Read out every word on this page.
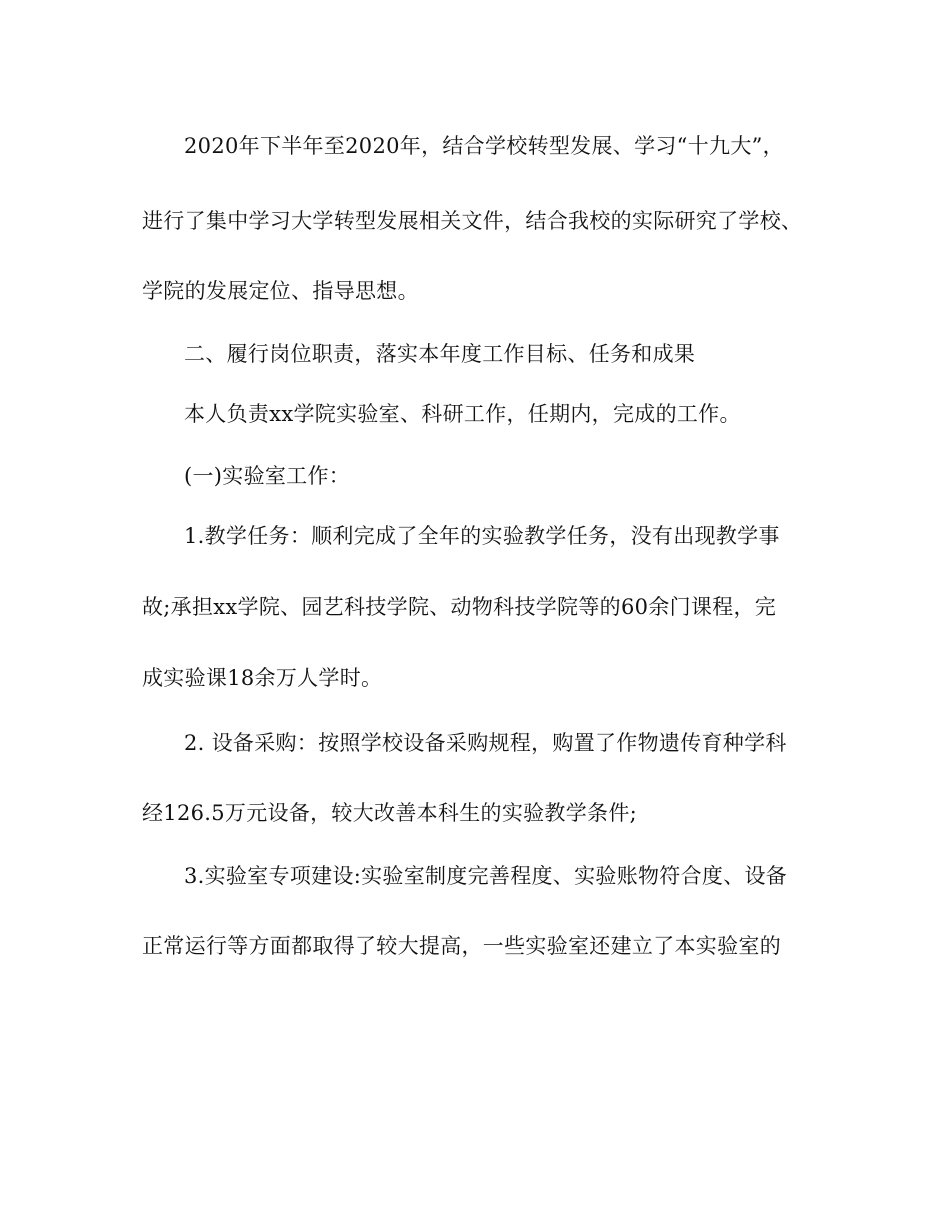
2020年下半年至2020年，结合学校转型发展、学习“十九大”，
进行了集中学习大学转型发展相关文件，结合我校的实际研究了学校、
学院的发展定位、指导思想。
二、履行岗位职责，落实本年度工作目标、任务和成果
本人负责xx学院实验室、科研工作，任期内，完成的工作。
(一)实验室工作：
1.教学任务：顺利完成了全年的实验教学任务，没有出现教学事
故;承担xx学院、园艺科技学院、动物科技学院等的60余门课程，完
成实验课18余万人学时。
2. 设备采购：按照学校设备采购规程，购置了作物遗传育种学科
经126.5万元设备，较大改善本科生的实验教学条件;
3.实验室专项建设:实验室制度完善程度、实验账物符合度、设备
正常运行等方面都取得了较大提高，一些实验室还建立了本实验室的
